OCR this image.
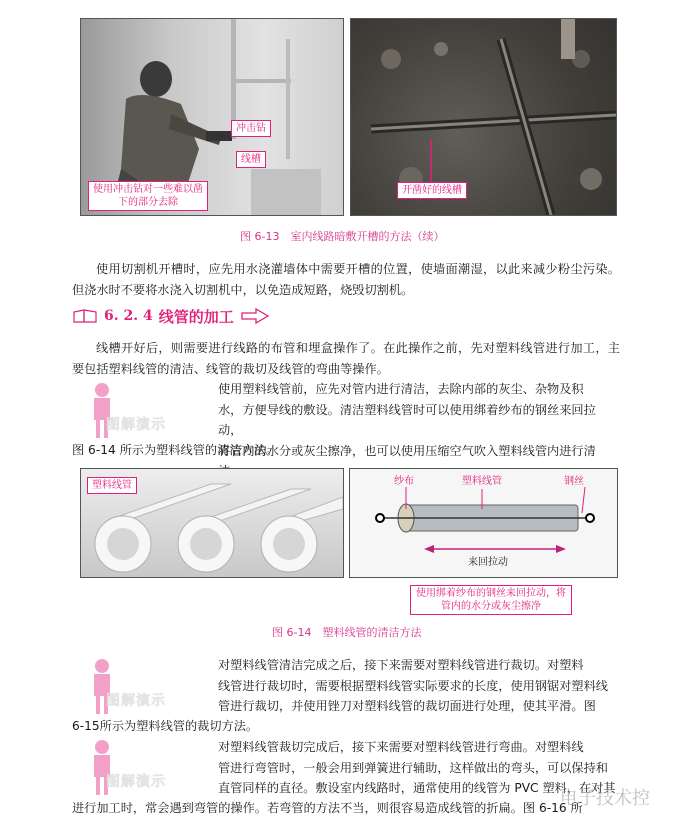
冲击钻
线槽
使用冲击钻对一些难以凿下的部分去除
开凿好的线槽
图 6-13　室内线路暗敷开槽的方法（续）
使用切割机开槽时，应先用水浇灌墙体中需要开槽的位置，使墙面潮湿，以此来减少粉尘污染。但浇水时不要将水浇入切割机中，以免造成短路，烧毁切割机。
6. 2. 4 线管的加工
线槽开好后，则需要进行线路的布管和埋盒操作了。在此操作之前，先对塑料线管进行加工，主要包括塑料线管的清洁、线管的裁切及线管的弯曲等操作。
图解演示
使用塑料线管前，应先对管内进行清洁，去除内部的灰尘、杂物及积
水，方便导线的敷设。清洁塑料线管时可以使用绑着纱布的钢丝来回拉动，
将管内的水分或灰尘擦净，也可以使用压缩空气吹入塑料线管内进行清
图 6-14 所示为塑料线管的清洁方法。
塑料线管	纱布	塑料线管	钢丝
来回拉动
使用绑着纱布的钢丝来回拉动，将管内的水分或灰尘擦净
图 6-14　塑料线管的清洁方法
图解演示
对塑料线管清洁完成之后，接下来需要对塑料线管进行裁切。对塑料
线管进行裁切时，需要根据塑料线管实际要求的长度，使用钢锯对塑料线
管进行裁切，并使用锉刀对塑料线管的裁切面进行处理，使其平滑。图
6-15所示为塑料线管的裁切方法。
图解演示
对塑料线管裁切完成后，接下来需要对塑料线管进行弯曲。对塑料线
管进行弯管时，一般会用到弹簧进行辅助，这样做出的弯头，可以保持和
直管同样的直径。敷设室内线路时，通常使用的线管为 PVC 塑料，在对其
进行加工时，常会遇到弯管的操作。若弯管的方法不当，则很容易造成线管的折扁。图 6-16 所
电子技术控
